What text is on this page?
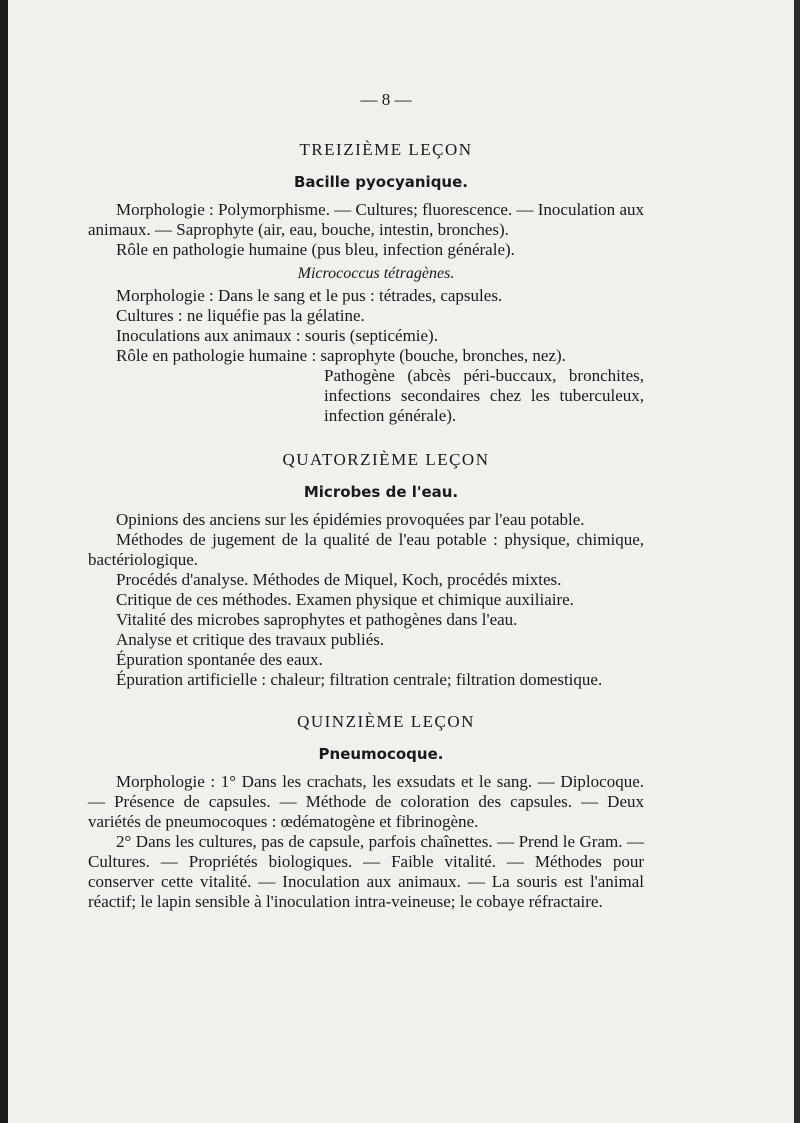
— 8 —
TREIZIÈME LEÇON
Bacille pyocyanique.

Morphologie : Polymorphisme. — Cultures; fluorescence. — Inoculation aux animaux. — Saprophyte (air, eau, bouche, intestin, bronches).

Rôle en pathologie humaine (pus bleu, infection générale).

Micrococcus tétragènes.

Morphologie : Dans le sang et le pus : tétrades, capsules.

Cultures : ne liquéfie pas la gélatine.

Inoculations aux animaux : souris (septicémie).

Rôle en pathologie humaine : saprophyte (bouche, bronches, nez).

Pathogène (abcès péri-buccaux, bronchites, infections secondaires chez les tuberculeux, infection générale).

QUATORZIÈME LEÇON
Microbes de l'eau.

Opinions des anciens sur les épidémies provoquées par l'eau potable.

Méthodes de jugement de la qualité de l'eau potable : physique, chimique, bactériologique.

Procédés d'analyse. Méthodes de Miquel, Koch, procédés mixtes.

Critique de ces méthodes. Examen physique et chimique auxiliaire.

Vitalité des microbes saprophytes et pathogènes dans l'eau.

Analyse et critique des travaux publiés.

Épuration spontanée des eaux.

Épuration artificielle : chaleur; filtration centrale; filtration domestique.

QUINZIÈME LEÇON
Pneumocoque.

Morphologie : 1° Dans les crachats, les exsudats et le sang. — Diplocoque. — Présence de capsules. — Méthode de coloration des capsules. — Deux variétés de pneumocoques : œdématogène et fibrinogène.

2° Dans les cultures, pas de capsule, parfois chaînettes. — Prend le Gram. — Cultures. — Propriétés biologiques. — Faible vitalité. — Méthodes pour conserver cette vitalité. — Inoculation aux animaux. — La souris est l'animal réactif; le lapin sensible à l'inoculation intra-veineuse; le cobaye réfractaire.
